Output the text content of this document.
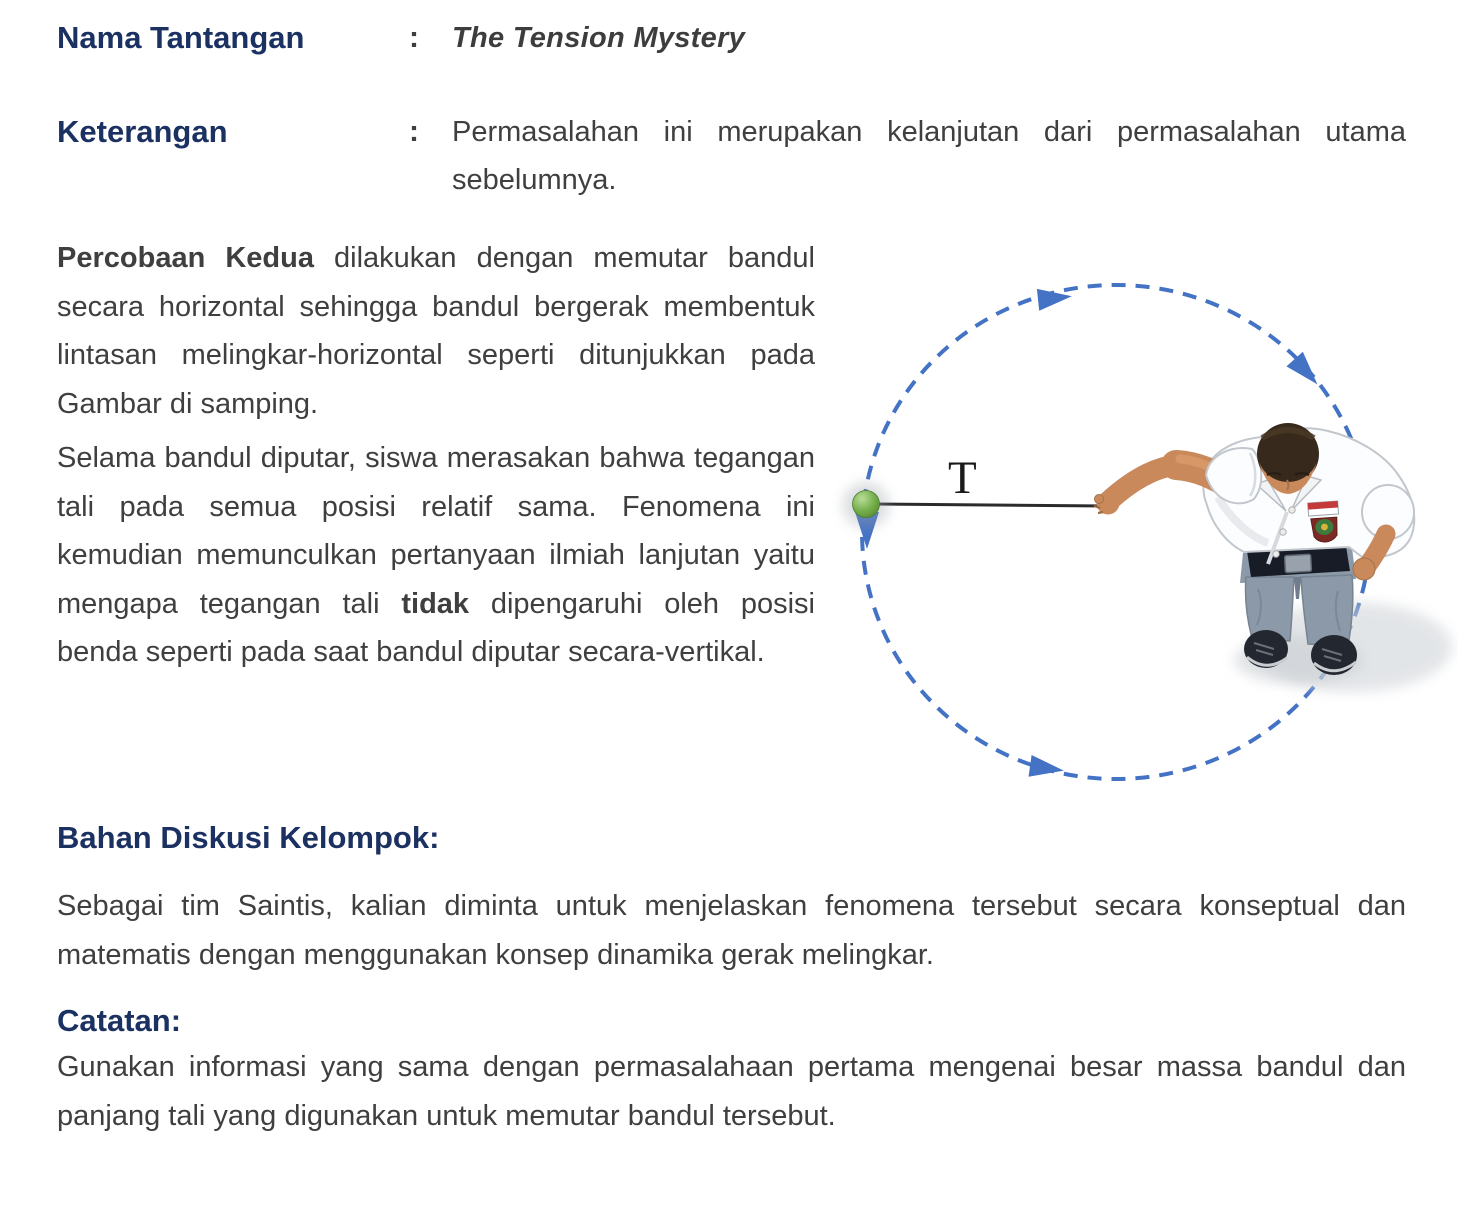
Nama Tantangan	:	The Tension Mystery
Keterangan	:	Permasalahan ini merupakan kelanjutan dari permasalahan utama sebelumnya.
T

Percobaan Kedua dilakukan dengan memutar bandul secara horizontal sehingga bandul bergerak membentuk lintasan melingkar-horizontal seperti ditunjukkan pada Gambar di samping.

Selama bandul diputar, siswa merasakan bahwa tegangan tali pada semua posisi relatif sama. Fenomena ini kemudian memunculkan pertanyaan ilmiah lanjutan yaitu mengapa tegangan tali tidak dipengaruhi oleh posisi benda seperti pada saat bandul diputar secara-vertikal.

Bahan Diskusi Kelompok:

Sebagai tim Saintis, kalian diminta untuk menjelaskan fenomena tersebut secara konseptual dan matematis dengan menggunakan konsep dinamika gerak melingkar.

Catatan:

Gunakan informasi yang sama dengan permasalahaan pertama mengenai besar massa bandul dan panjang tali yang digunakan untuk memutar bandul tersebut.
